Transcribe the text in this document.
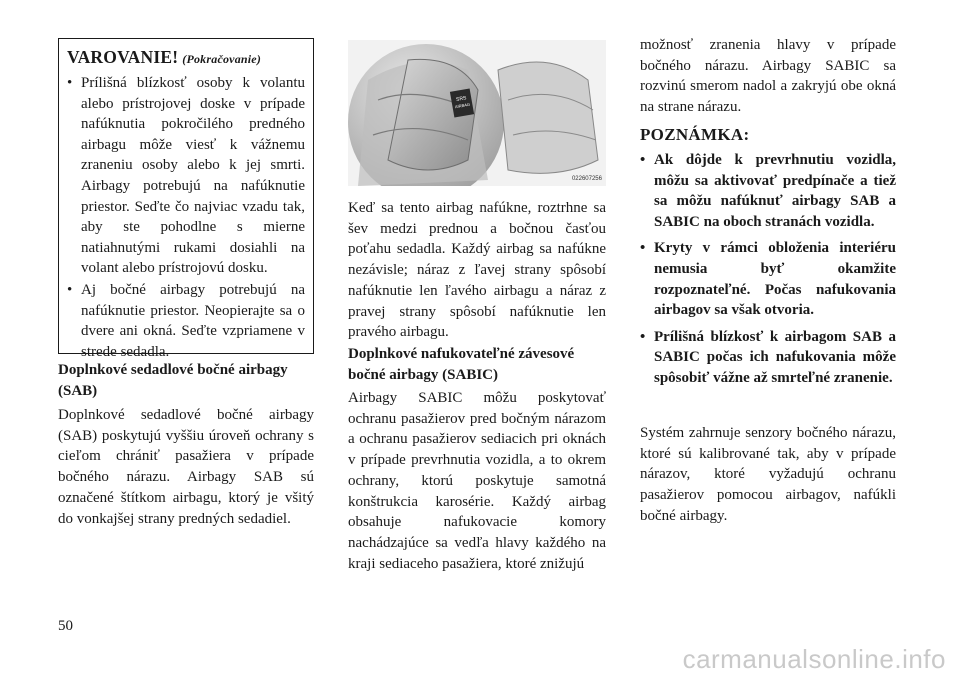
VAROVANIE! (Pokračovanie)
• Príliš​ná blízkosť osoby k volantu alebo prístrojovej doske v prípade nafúknutia pokročilého predného airbagu môže viesť k vážnemu zraneniu osoby alebo k jej smrti. Airbagy potrebujú na nafúknutie priestor. Seďte čo najviac vzadu tak, aby ste pohodlne s mierne natiahnutými rukami dosiahli na volant alebo prístrojovú dosku.
• Aj bočné airbagy potrebujú na nafúknutie priestor. Neopierajte sa o dvere ani okná. Seďte vzpriamene v strede sedadla.
Doplnkové sedadlové bočné airbagy (SAB)

Doplnkové sedadlové bočné airbagy (SAB) poskytujú vyššiu úroveň ochrany s cieľom chrániť pasažiera v prípade bočného nárazu. Airbagy SAB sú označené štítkom airbagu, ktorý je všitý do vonkajšej strany predných sedadiel.

SRS
AIRBAG
022607256

Keď sa tento airbag nafúkne, roztrhne sa šev medzi prednou a bočnou časťou poťahu sedadla. Každý airbag sa nafúkne nezávisle; náraz z ľavej strany spôsobí nafúknutie len ľavého airbagu a náraz z pravej strany spôsobí nafúknutie len pravého airbagu.

Doplnkové nafukovateľné závesové bočné airbagy (SABIC)

Airbagy SABIC môžu poskytovať ochranu pasažierov pred bočným nárazom a ochranu pasažierov sediacich pri oknách v prípade prevrhnutia vozidla, a to okrem ochrany, ktorú poskytuje samotná konštrukcia karosérie. Každý airbag obsahuje nafukovacie komory nachádzajúce sa vedľa hlavy každého na kraji sediaceho pasažiera, ktoré znižujú

možnosť zranenia hlavy v prípade bočného nárazu. Airbagy SABIC sa rozvinú smerom nadol a zakryjú obe okná na strane nárazu.

POZNÁMKA:
• Ak dôjde k prevrhnutiu vozidla, môžu sa aktivovať predpínače a tiež sa môžu nafúknuť airbagy SAB a SABIC na oboch stranách vozidla.
• Kryty v rámci obloženia interiéru nemusia byť okamžite rozpoznateľné. Počas nafukovania airbagov sa však otvoria.
• Príliš​ná blízkosť k airbagom SAB a SABIC počas ich nafukovania môže spôsobiť vážne až smrteľné zranenie.

Systém zahrnuje senzory bočného nárazu, ktoré sú kalibrované tak, aby v prípade nárazov, ktoré vyžadujú ochranu pasažierov pomocou airbagov, nafúkli bočné airbagy.

50
carmanualsonline.info
